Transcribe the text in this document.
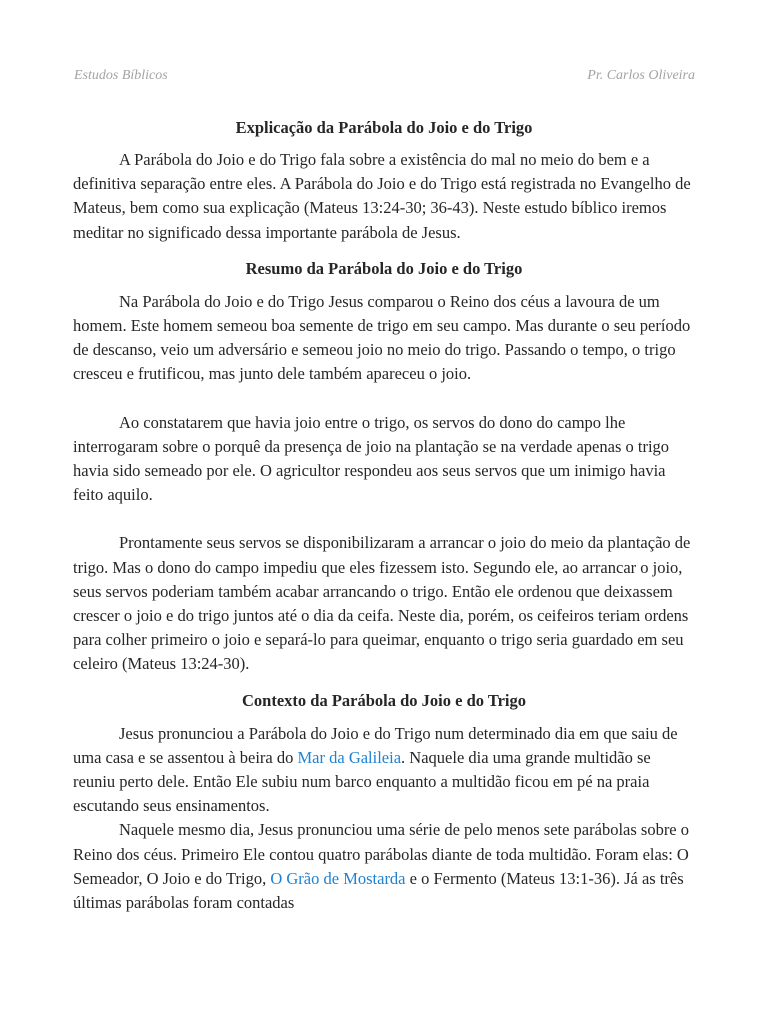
Estudos Bíblicos	Pr. Carlos Oliveira
Explicação da Parábola do Joio e do Trigo

A Parábola do Joio e do Trigo fala sobre a existência do mal no meio do bem e a definitiva separação entre eles. A Parábola do Joio e do Trigo está registrada no Evangelho de Mateus, bem como sua explicação (Mateus 13:24-30; 36-43). Neste estudo bíblico iremos meditar no significado dessa importante parábola de Jesus.

Resumo da Parábola do Joio e do Trigo

Na Parábola do Joio e do Trigo Jesus comparou o Reino dos céus a lavoura de um homem. Este homem semeou boa semente de trigo em seu campo. Mas durante o seu período de descanso, veio um adversário e semeou joio no meio do trigo. Passando o tempo, o trigo cresceu e frutificou, mas junto dele também apareceu o joio.

Ao constatarem que havia joio entre o trigo, os servos do dono do campo lhe interrogaram sobre o porquê da presença de joio na plantação se na verdade apenas o trigo havia sido semeado por ele. O agricultor respondeu aos seus servos que um inimigo havia feito aquilo.

Prontamente seus servos se disponibilizaram a arrancar o joio do meio da plantação de trigo. Mas o dono do campo impediu que eles fizessem isto. Segundo ele, ao arrancar o joio, seus servos poderiam também acabar arrancando o trigo. Então ele ordenou que deixassem crescer o joio e do trigo juntos até o dia da ceifa. Neste dia, porém, os ceifeiros teriam ordens para colher primeiro o joio e separá-lo para queimar, enquanto o trigo seria guardado em seu celeiro (Mateus 13:24-30).

Contexto da Parábola do Joio e do Trigo

Jesus pronunciou a Parábola do Joio e do Trigo num determinado dia em que saiu de uma casa e se assentou à beira do Mar da Galileia. Naquele dia uma grande multidão se reuniu perto dele. Então Ele subiu num barco enquanto a multidão ficou em pé na praia escutando seus ensinamentos.

Naquele mesmo dia, Jesus pronunciou uma série de pelo menos sete parábolas sobre o Reino dos céus. Primeiro Ele contou quatro parábolas diante de toda multidão. Foram elas: O Semeador, O Joio e do Trigo, O Grão de Mostarda e o Fermento (Mateus 13:1-36). Já as três últimas parábolas foram contadas
